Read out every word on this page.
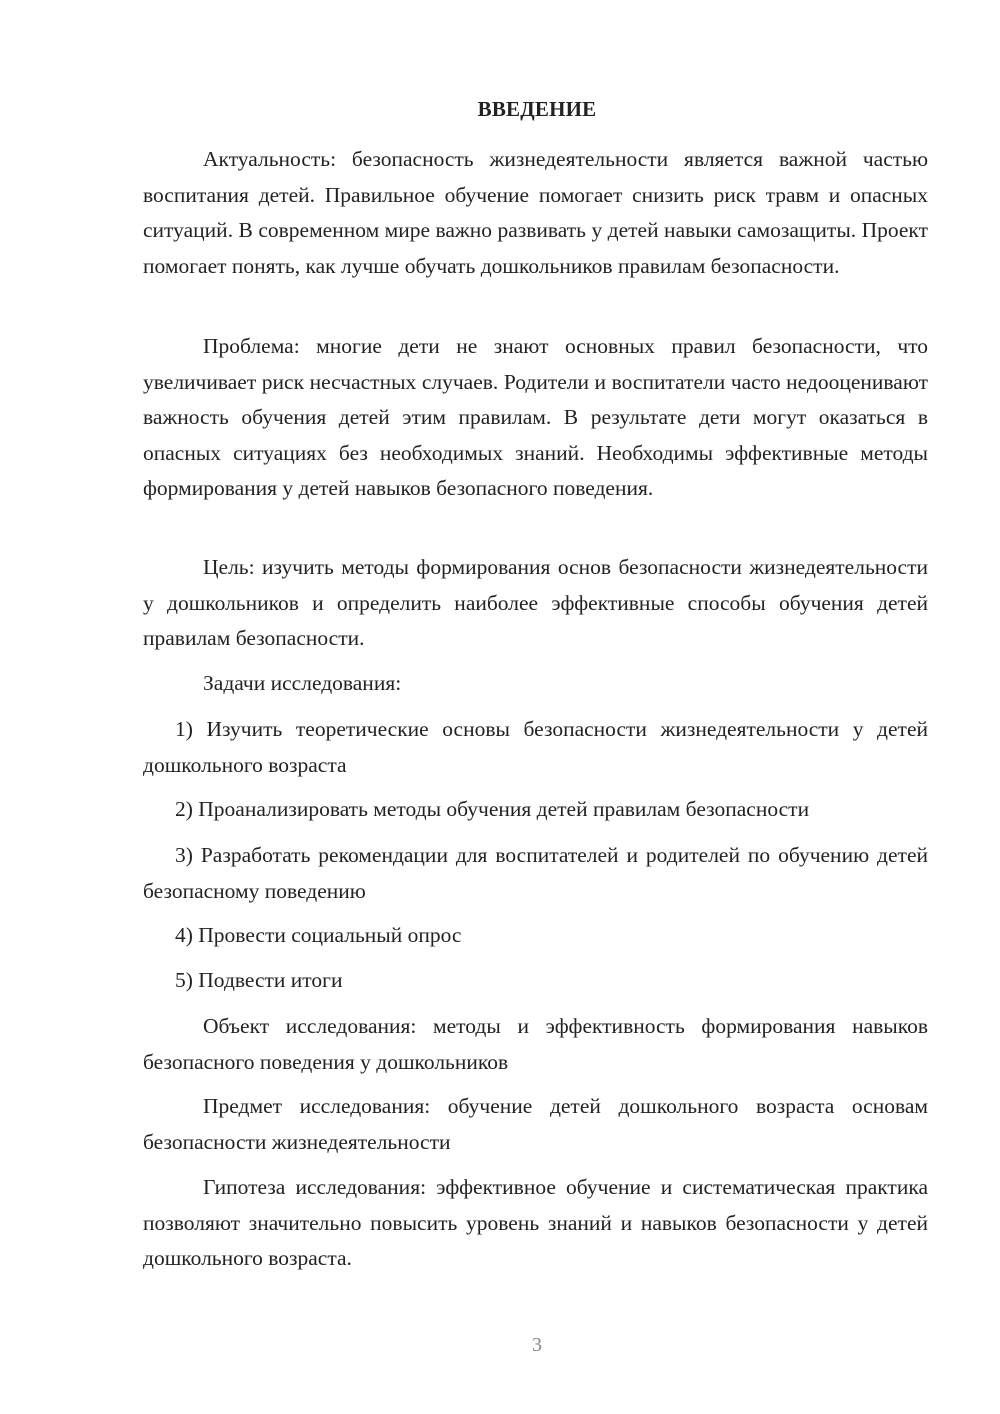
ВВЕДЕНИЕ

Актуальность: безопасность жизнедеятельности является важной частью воспитания детей. Правильное обучение помогает снизить риск травм и опасных ситуаций. В современном мире важно развивать у детей навыки самозащиты. Проект помогает понять, как лучше обучать дошкольников правилам безопасности.

Проблема: многие дети не знают основных правил безопасности, что увеличивает риск несчастных случаев. Родители и воспитатели часто недооценивают важность обучения детей этим правилам. В результате дети могут оказаться в опасных ситуациях без необходимых знаний. Необходимы эффективные методы формирования у детей навыков безопасного поведения.

Цель: изучить методы формирования основ безопасности жизнедеятельности у дошкольников и определить наиболее эффективные способы обучения детей правилам безопасности.

Задачи исследования:

1) Изучить теоретические основы безопасности жизнедеятельности у детей дошкольного возраста

2) Проанализировать методы обучения детей правилам безопасности

3) Разработать рекомендации для воспитателей и родителей по обучению детей безопасному поведению

4) Провести социальный опрос

5) Подвести итоги

Объект исследования: методы и эффективность формирования навыков безопасного поведения у дошкольников

Предмет исследования: обучение детей дошкольного возраста основам безопасности жизнедеятельности

Гипотеза исследования: эффективное обучение и систематическая практика позволяют значительно повысить уровень знаний и навыков безопасности у детей дошкольного возраста.

3
